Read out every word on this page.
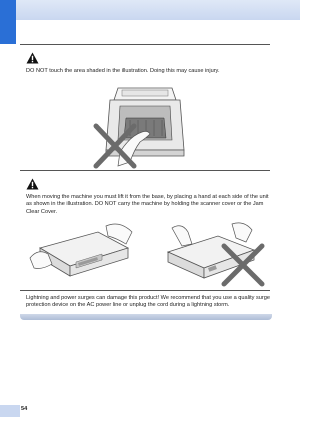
DO NOT touch the area shaded in the illustration. Doing this may cause injury.
When moving the machine you must lift it from the base, by placing a hand at each side of the unit as shown in the illustration. DO NOT carry the machine by holding the scanner cover or the Jam Clear Cover.
Lightning and power surges can damage this product! We recommend that you use a quality surge protection device on the AC power line or unplug the cord during a lightning storm.
54
